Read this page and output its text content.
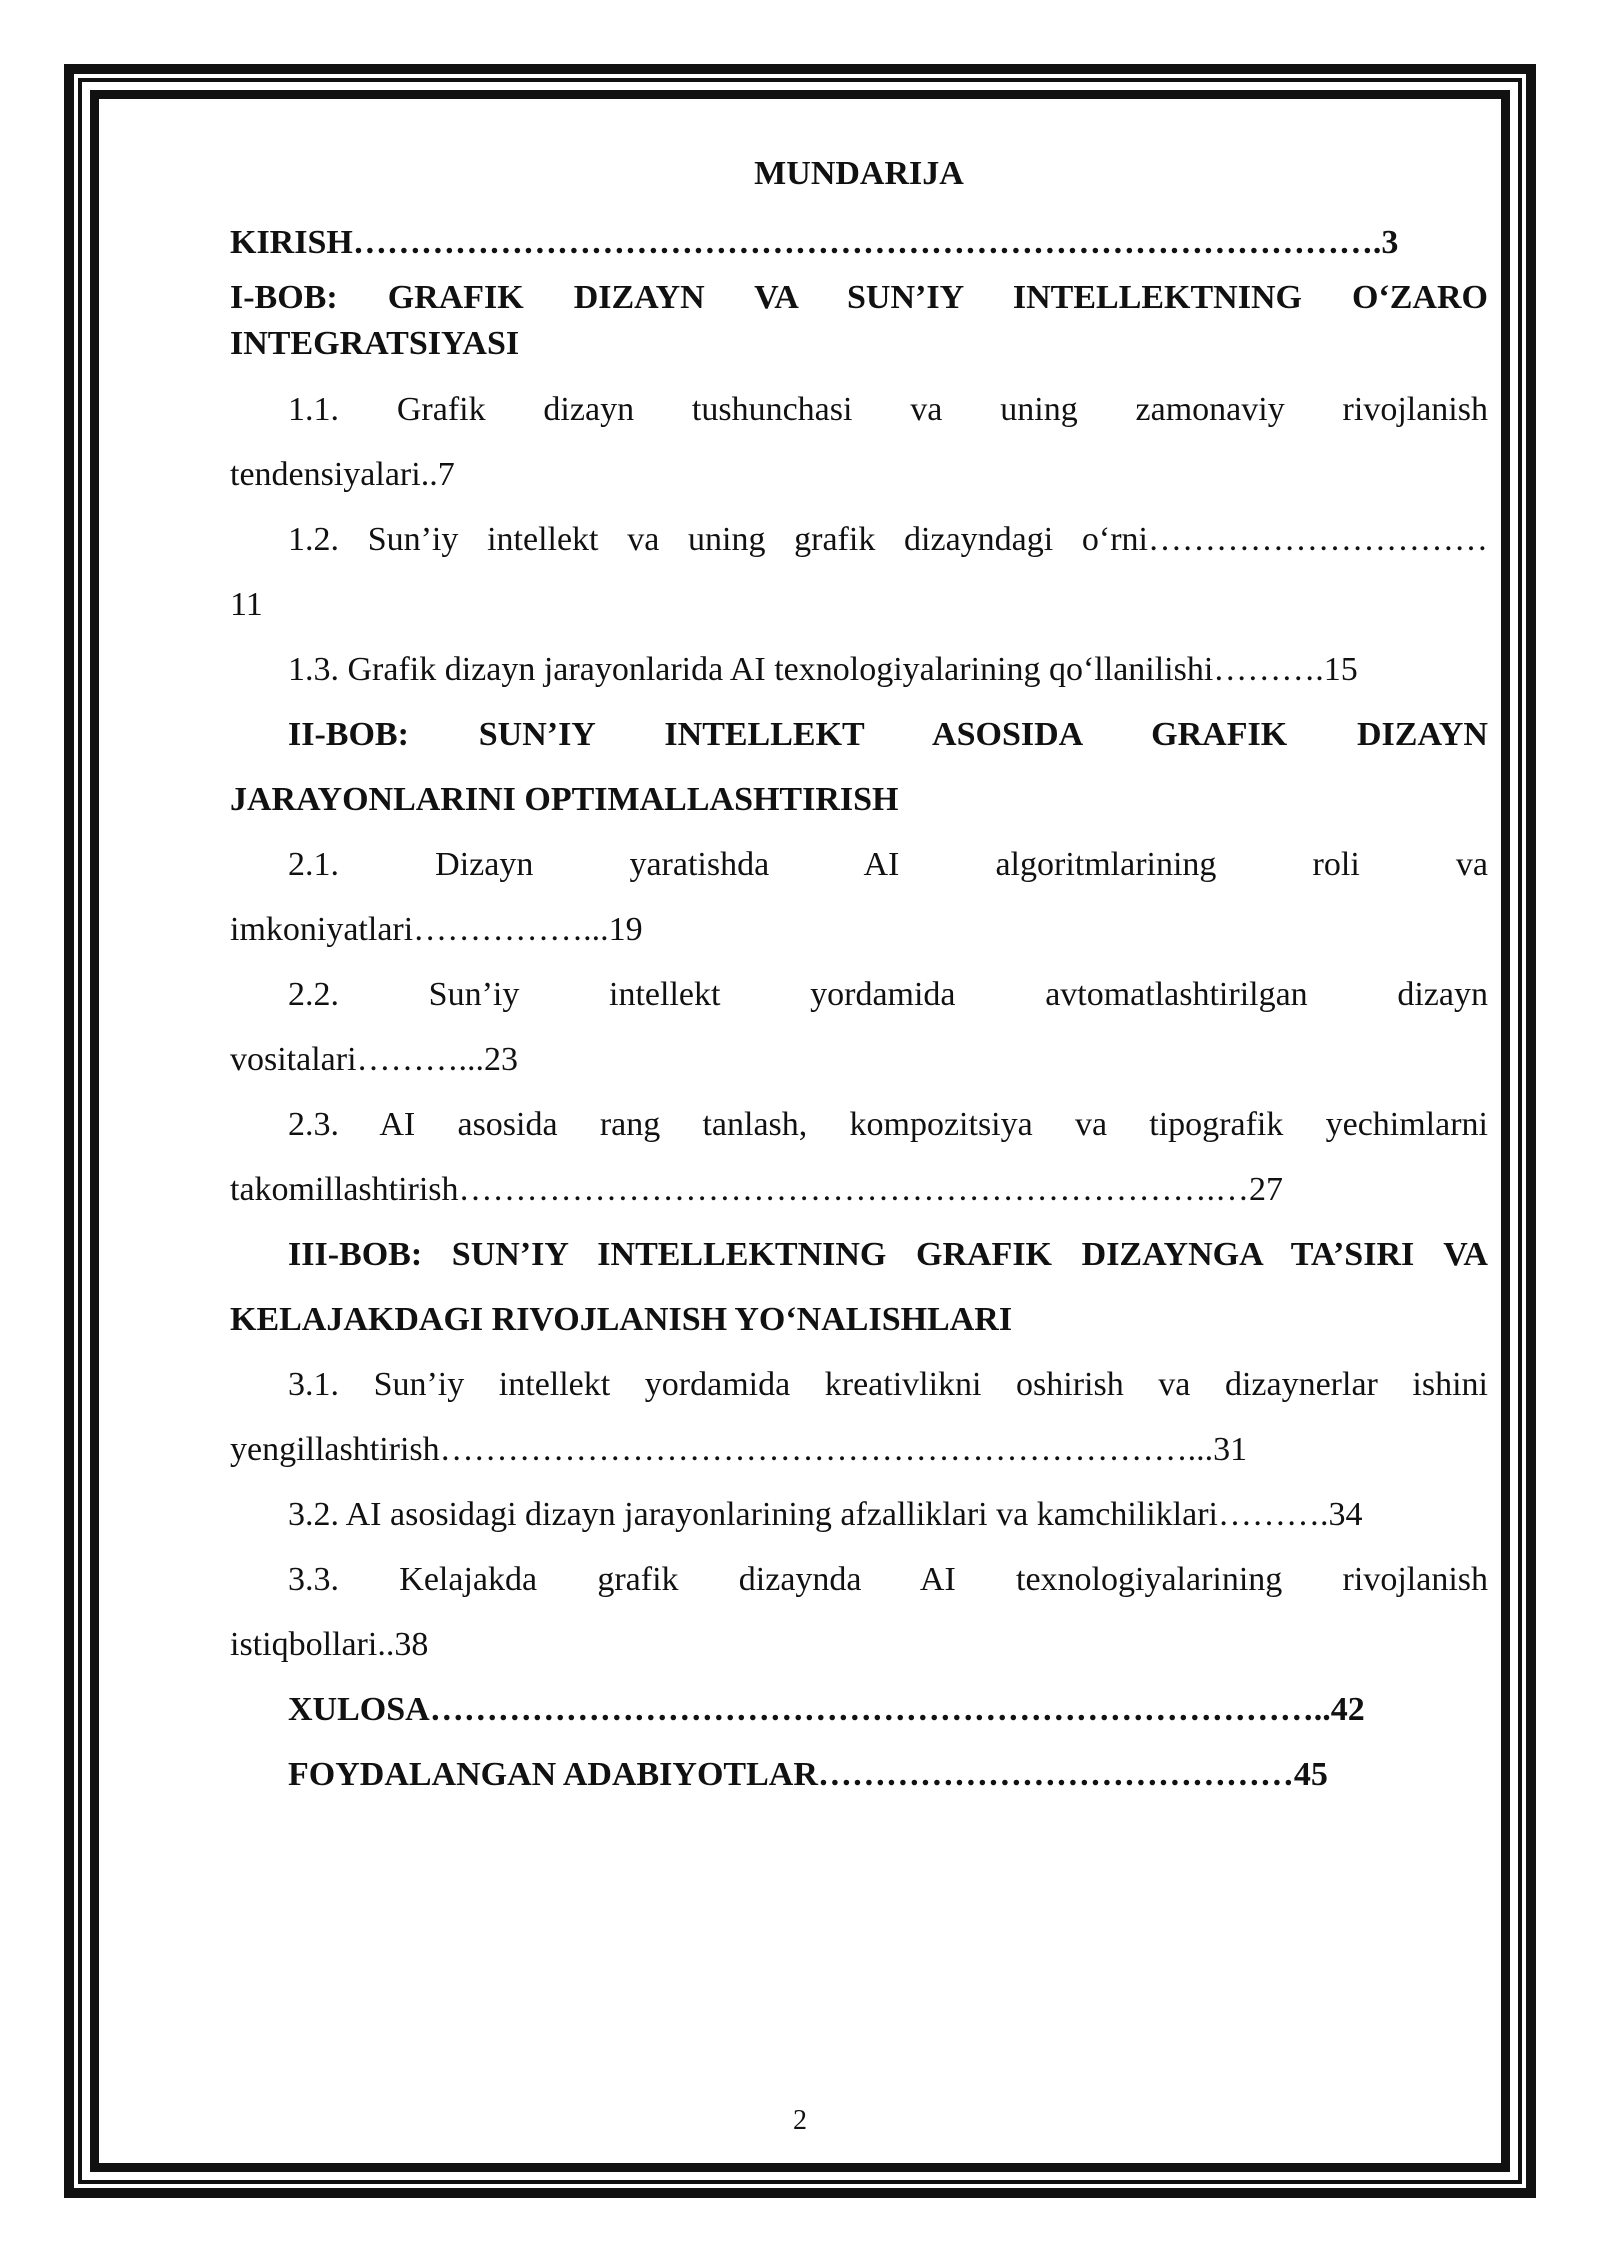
MUNDARIJA
KIRISH……………………………………………………………………………….3
I-BOB: GRAFIK DIZAYN VA SUN’IY INTELLEKTNING O‘ZARO
INTEGRATSIYASI
1.1. Grafik dizayn tushunchasi va uning zamonaviy rivojlanish
tendensiyalari..7
1.2. Sun’iy intellekt va uning grafik dizayndagi o‘rni…………………………
11
1.3. Grafik dizayn jarayonlarida AI texnologiyalarining qo‘llanilishi……….15
II-BOB: SUN’IY INTELLEKT ASOSIDA GRAFIK DIZAYN
JARAYONLARINI OPTIMALLASHTIRISH
2.1. Dizayn yaratishda AI algoritmlarining roli va
imkoniyatlari……………...19
2.2. Sun’iy intellekt yordamida avtomatlashtirilgan dizayn
vositalari………...23
2.3. AI asosida rang tanlash, kompozitsiya va tipografik yechimlarni
takomillashtirish………………………………………………………….…27
III-BOB: SUN’IY INTELLEKTNING GRAFIK DIZAYNGA TA’SIRI VA
KELAJAKDAGI RIVOJLANISH YO‘NALISHLARI
3.1. Sun’iy intellekt yordamida kreativlikni oshirish va dizaynerlar ishini
yengillashtirish…………………………………………………………...31
3.2. AI asosidagi dizayn jarayonlarining afzalliklari va kamchiliklari……….34
3.3. Kelajakda grafik dizaynda AI texnologiyalarining rivojlanish
istiqbollari..38
XULOSA……………………………………………………………………..42
FOYDALANGAN ADABIYOTLAR……………………………………45
2
